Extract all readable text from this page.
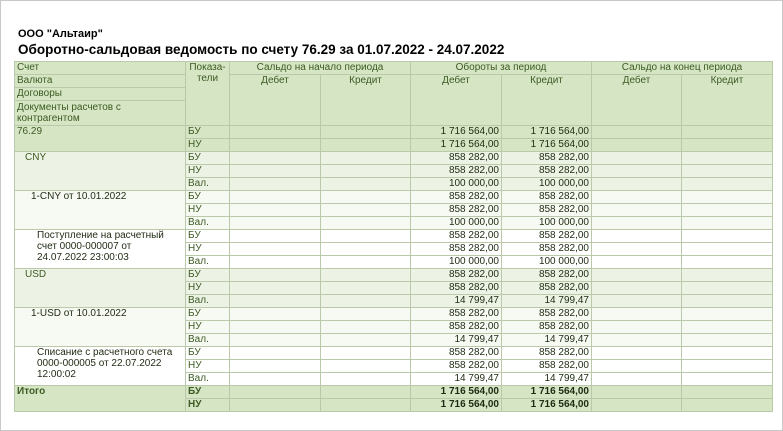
ООО "Альтаир"
Оборотно-сальдовая ведомость по счету 76.29 за 01.07.2022 - 24.07.2022
Счет	Показа-тели	Сальдо на начало периода		Обороты за период		Сальдо на конец периода	
Валюта		Дебет	Кредит	Дебет	Кредит	Дебет	Кредит
Договоры							
Документы расчетов с контрагентом							
76.29	БУ			1 716 564,00	1 716 564,00		
	НУ			1 716 564,00	1 716 564,00		
CNY	БУ			858 282,00	858 282,00		
	НУ			858 282,00	858 282,00		
	Вал.			100 000,00	100 000,00		
1-CNY от 10.01.2022	БУ			858 282,00	858 282,00		
	НУ			858 282,00	858 282,00		
	Вал.			100 000,00	100 000,00		
Поступление на расчетный счет 0000-000007 от 24.07.2022 23:00:03	БУ			858 282,00	858 282,00		
	НУ			858 282,00	858 282,00		
	Вал.			100 000,00	100 000,00		
USD	БУ			858 282,00	858 282,00		
	НУ			858 282,00	858 282,00		
	Вал.			14 799,47	14 799,47		
1-USD от 10.01.2022	БУ			858 282,00	858 282,00		
	НУ			858 282,00	858 282,00		
	Вал.			14 799,47	14 799,47		
Списание с расчетного счета 0000-000005 от 22.07.2022 12:00:02	БУ			858 282,00	858 282,00		
	НУ			858 282,00	858 282,00		
	Вал.			14 799,47	14 799,47		
Итого	БУ			1 716 564,00	1 716 564,00		
	НУ			1 716 564,00	1 716 564,00		
